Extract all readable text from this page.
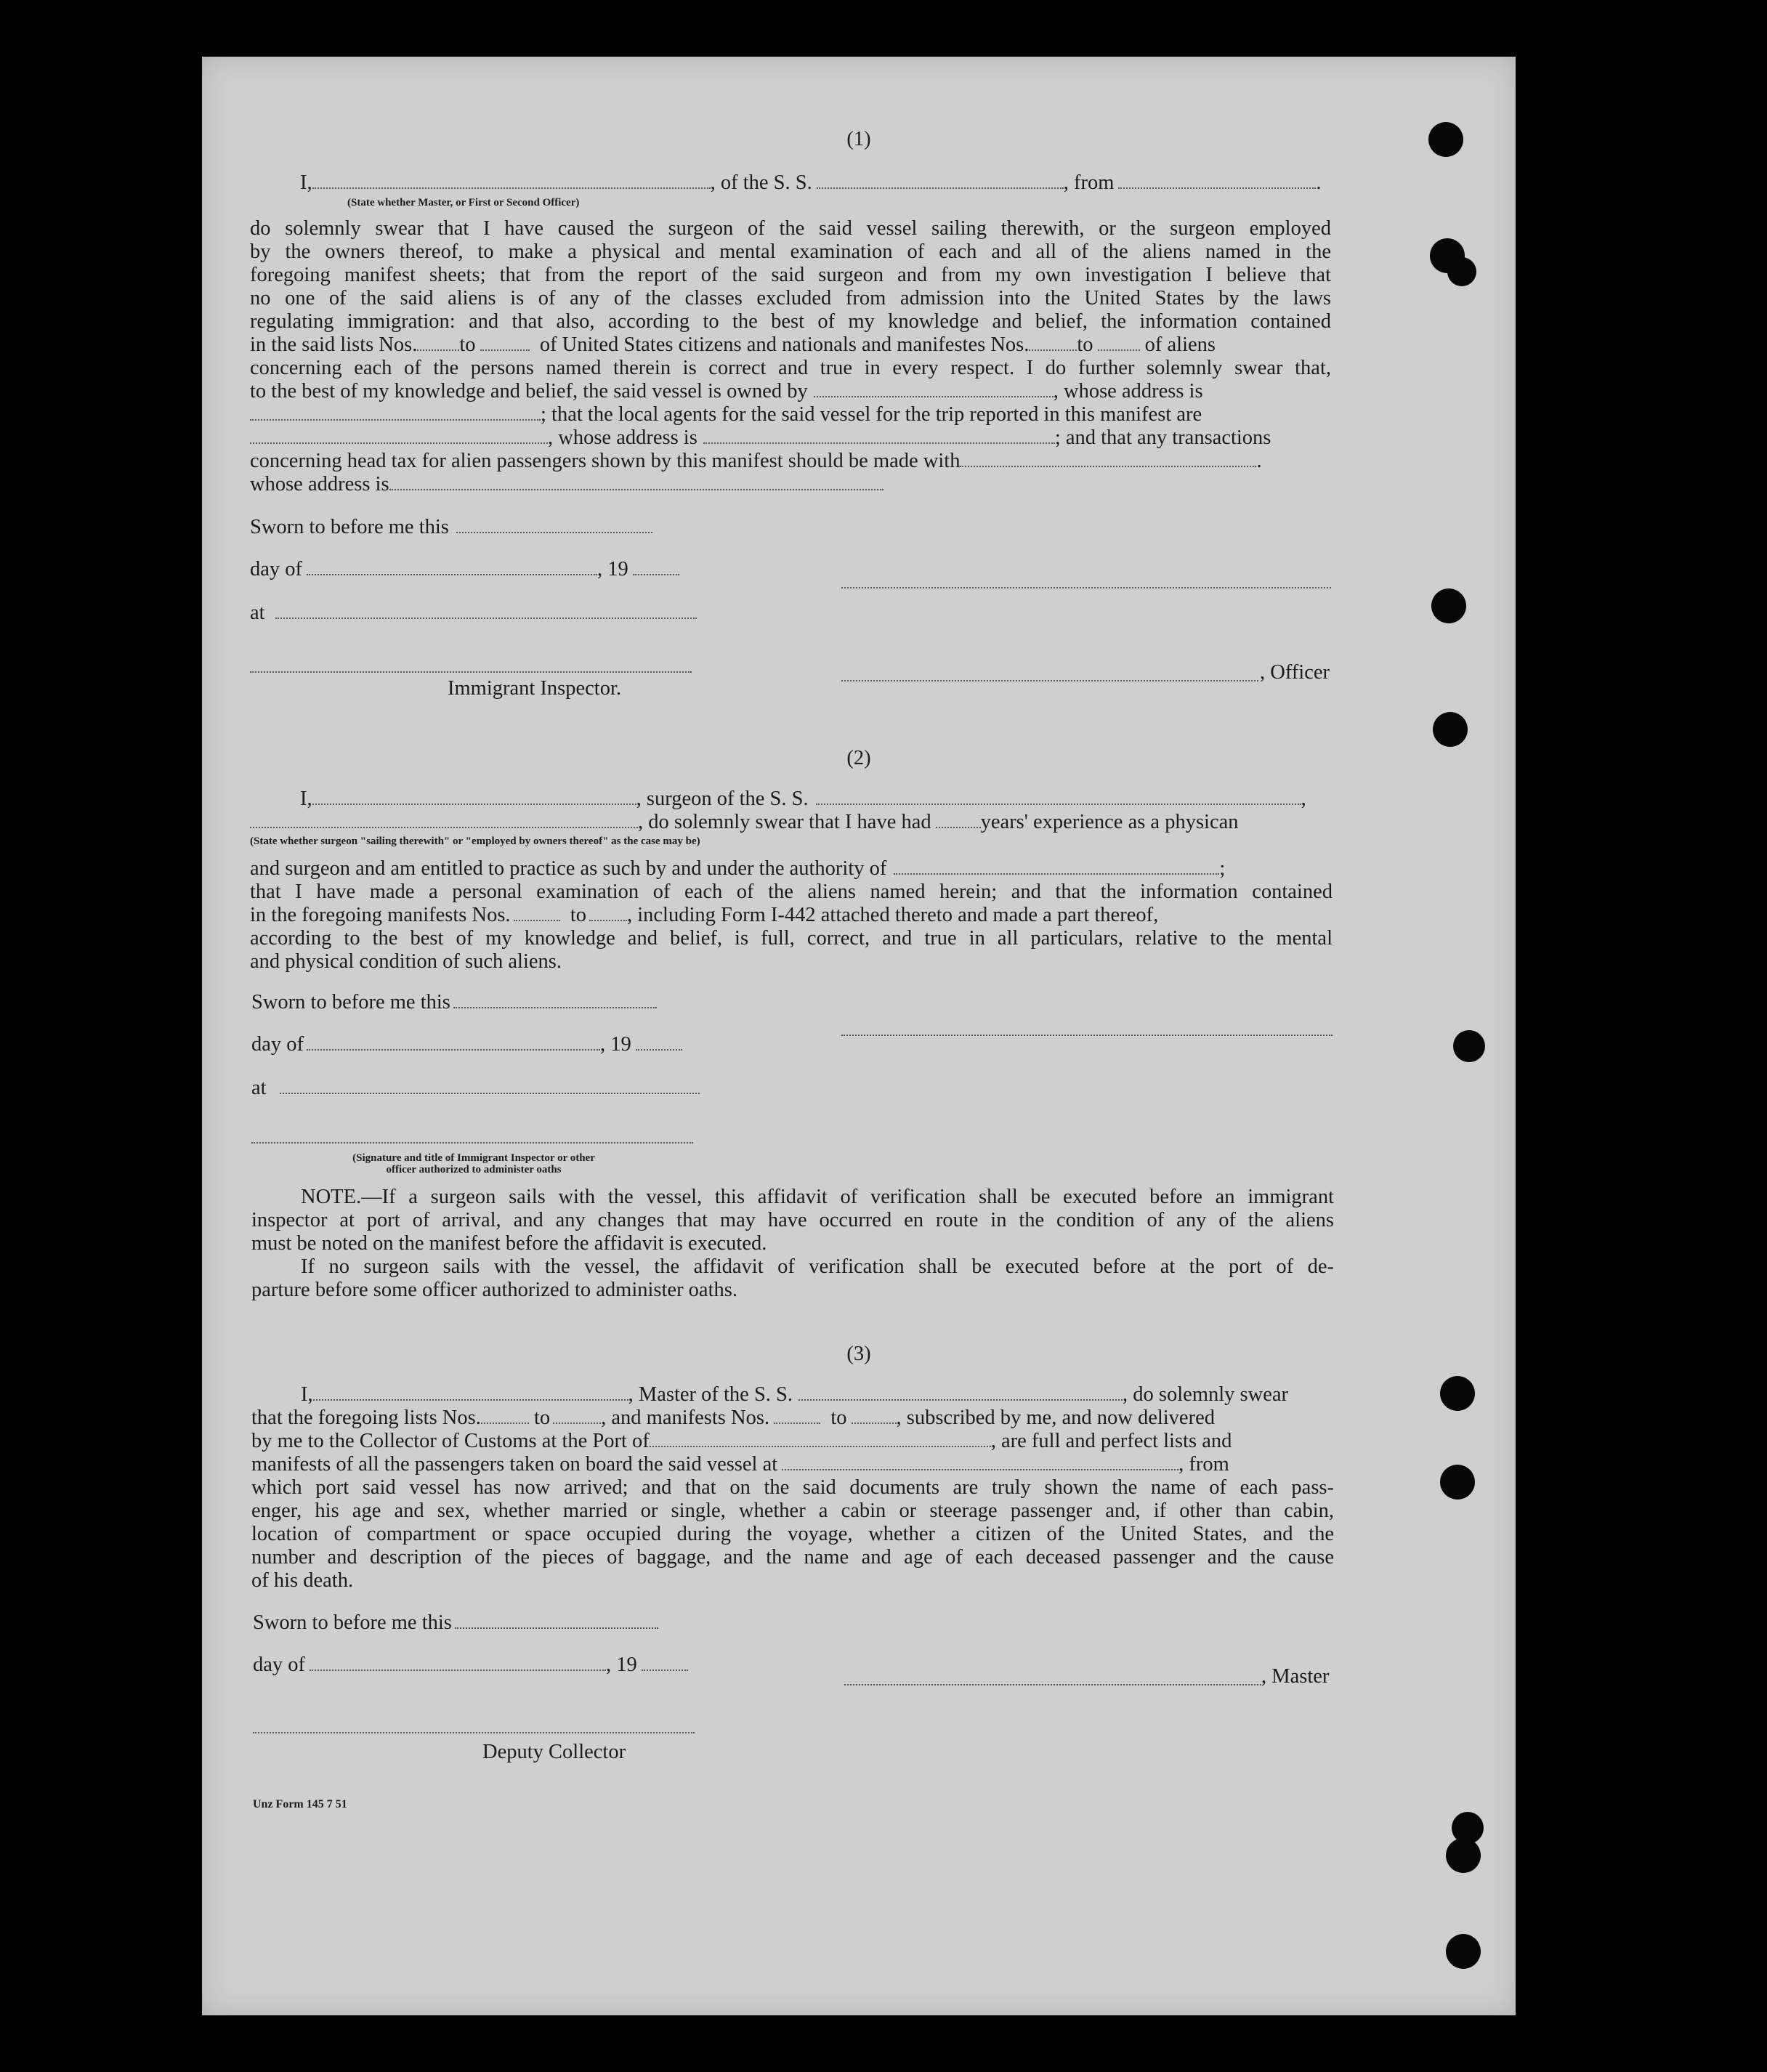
(1)
I,	, of the S. S.	, from	.
(State whether Master, or First or Second Officer)
do solemnly swear that I have caused the surgeon of the said vessel sailing therewith, or the surgeon employed
by the owners thereof, to make a physical and mental examination of each and all of the aliens named in the
foregoing manifest sheets; that from the report of the said surgeon and from my own investigation I believe that
no one of the said aliens is of any of the classes excluded from admission into the United States by the laws
regulating immigration: and that also, according to the best of my knowledge and belief, the information contained
in the said lists Nos. to	of United States citizens and nationals and manifestes Nos. to of aliens
concerning each of the persons named therein is correct and true in every respect. I do further solemnly swear that,
to the best of my knowledge and belief, the said vessel is owned by	, whose address is
; that the local agents for the said vessel for the trip reported in this manifest are
, whose address is	; and that any transactions
concerning head tax for alien passengers shown by this manifest should be made with	.
whose address is
Sworn to before me this
day of	, 19
at
Immigrant Inspector.
, Officer
(2)
I,	, surgeon of the S. S.	,
, do solemnly swear that I have had years' experience as a physican
(State whether surgeon "sailing therewith" or "employed by owners thereof" as the case may be)
and surgeon and am entitled to practice as such by and under the authority of	;
that I have made a personal examination of each of the aliens named herein; and that the information contained
in the foregoing manifests Nos.	to , including Form I-442 attached thereto and made a part thereof,
according to the best of my knowledge and belief, is full, correct, and true in all particulars, relative to the mental
and physical condition of such aliens.
Sworn to before me this
day of	, 19
at
(Signature and title of Immigrant Inspector or other
officer authorized to administer oaths
NOTE.—If a surgeon sails with the vessel, this affidavit of verification shall be executed before an immigrant
inspector at port of arrival, and any changes that may have occurred en route in the condition of any of the aliens
must be noted on the manifest before the affidavit is executed.
If no surgeon sails with the vessel, the affidavit of verification shall be executed before at the port of de-
parture before some officer authorized to administer oaths.
(3)
I,	, Master of the S. S.	, do solemnly swear
that the foregoing lists Nos.	to , and manifests Nos.	to , subscribed by me, and now delivered
by me to the Collector of Customs at the Port of	, are full and perfect lists and
manifests of all the passengers taken on board the said vessel at	, from
which port said vessel has now arrived; and that on the said documents are truly shown the name of each pass-
enger, his age and sex, whether married or single, whether a cabin or steerage passenger and, if other than cabin,
location of compartment or space occupied during the voyage, whether a citizen of the United States, and the
number and description of the pieces of baggage, and the name and age of each deceased passenger and the cause
of his death.
Sworn to before me this
day of	, 19
, Master
Deputy Collector
Unz Form 145 7 51
